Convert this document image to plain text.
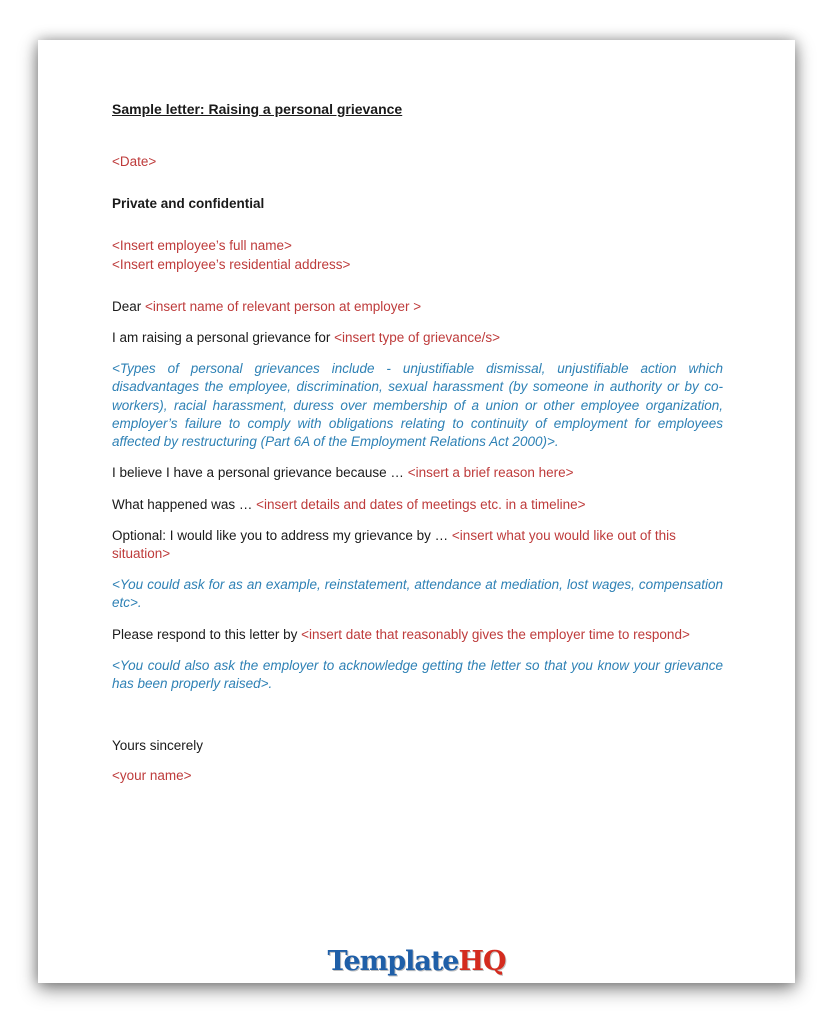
Sample letter: Raising a personal grievance

<Date>

Private and confidential

<Insert employee’s full name>
<Insert employee’s residential address>

Dear <insert name of relevant person at employer >

I am raising a personal grievance for <insert type of grievance/s>

<Types of personal grievances include - unjustifiable dismissal, unjustifiable action which disadvantages the employee, discrimination, sexual harassment (by someone in authority or by co-workers), racial harassment, duress over membership of a union or other employee organization, employer’s failure to comply with obligations relating to continuity of employment for employees affected by restructuring (Part 6A of the Employment Relations Act 2000)>.

I believe I have a personal grievance because … <insert a brief reason here>

What happened was … <insert details and dates of meetings etc. in a timeline>

Optional: I would like you to address my grievance by … <insert what you would like out of this situation>

<You could ask for as an example, reinstatement, attendance at mediation, lost wages, compensation etc>.

Please respond to this letter by <insert date that reasonably gives the employer time to respond>

<You could also ask the employer to acknowledge getting the letter so that you know your grievance has been properly raised>.

Yours sincerely

<your name>

TemplateHQ
